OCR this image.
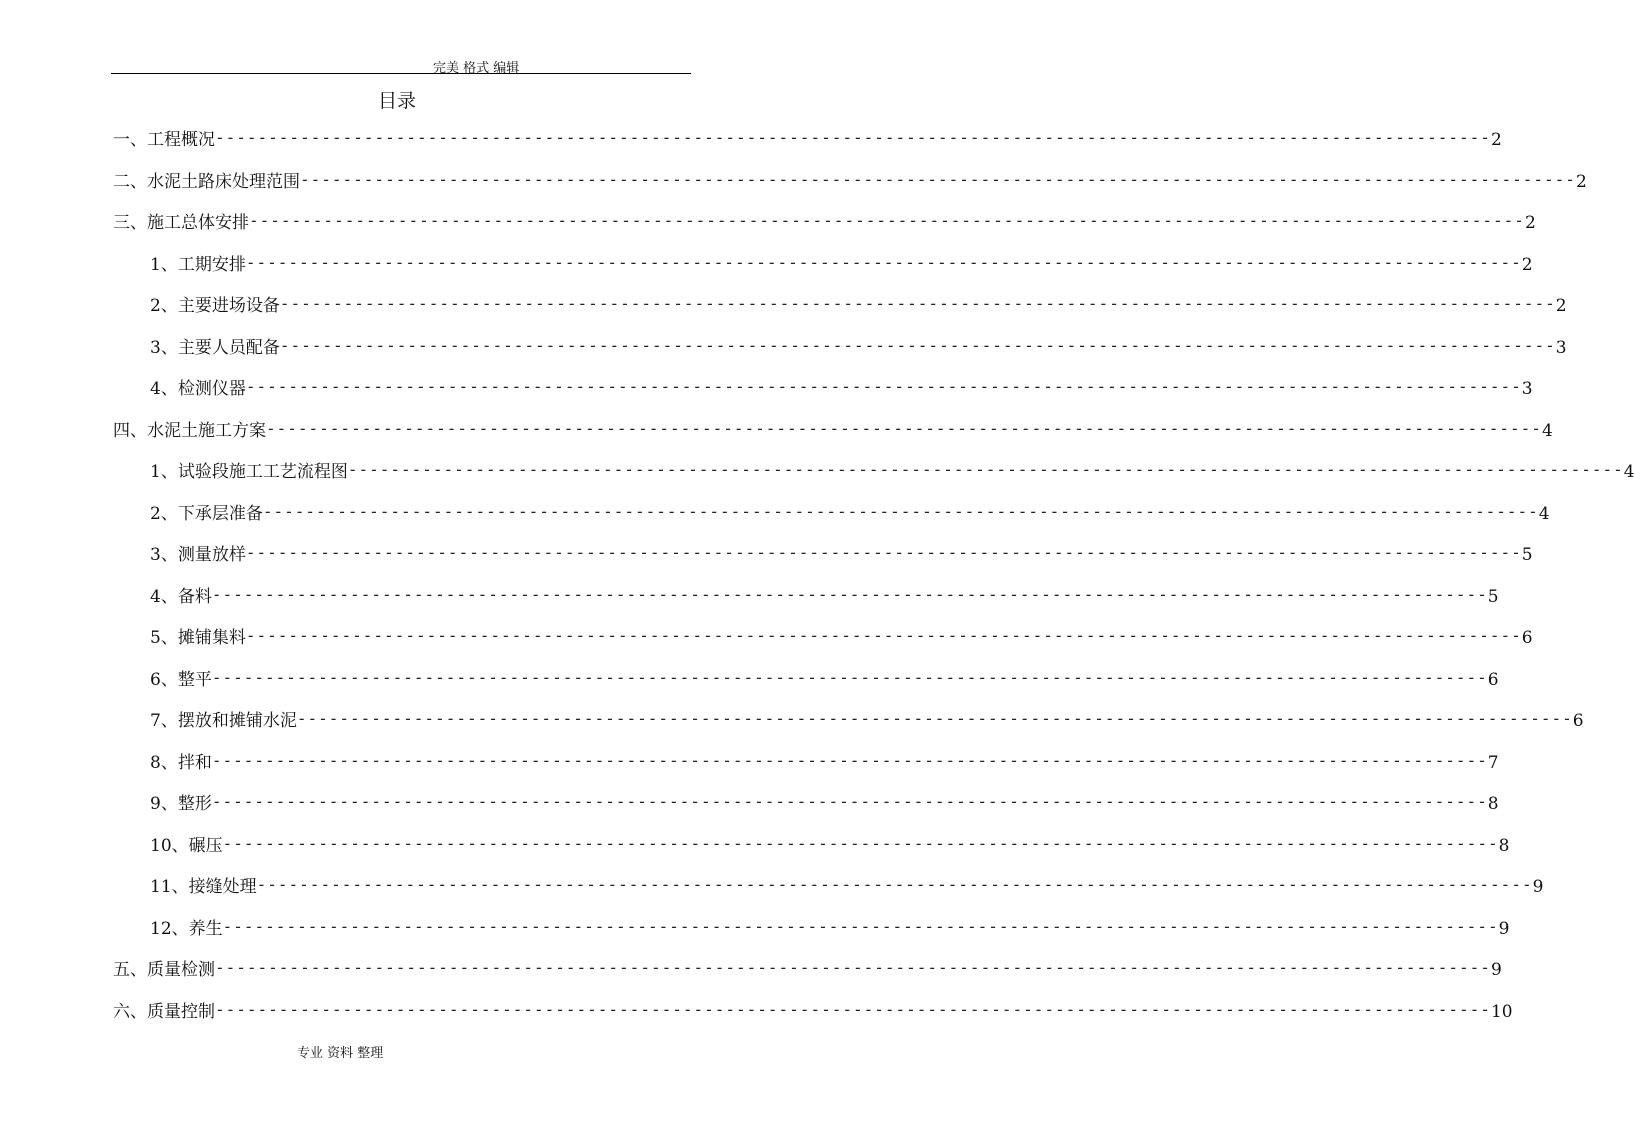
完美 格式 编辑
目录
一、工程概况 ------------------------------------------------------------------------------------------------------------------------ 2
二、水泥土路床处理范围 ------------------------------------------------------------------------------------------------------------------------ 2
三、施工总体安排 ------------------------------------------------------------------------------------------------------------------------ 2
1、工期安排 ------------------------------------------------------------------------------------------------------------------------ 2
2、主要进场设备 ------------------------------------------------------------------------------------------------------------------------ 2
3、主要人员配备 ------------------------------------------------------------------------------------------------------------------------ 3
4、检测仪器 ------------------------------------------------------------------------------------------------------------------------ 3
四、水泥土施工方案 ------------------------------------------------------------------------------------------------------------------------ 4
1、试验段施工工艺流程图 ------------------------------------------------------------------------------------------------------------------------ 4
2、下承层准备 ------------------------------------------------------------------------------------------------------------------------ 4
3、测量放样 ------------------------------------------------------------------------------------------------------------------------ 5
4、备料 ------------------------------------------------------------------------------------------------------------------------ 5
5、摊铺集料 ------------------------------------------------------------------------------------------------------------------------ 6
6、整平 ------------------------------------------------------------------------------------------------------------------------ 6
7、摆放和摊铺水泥 ------------------------------------------------------------------------------------------------------------------------ 6
8、拌和 ------------------------------------------------------------------------------------------------------------------------ 7
9、整形 ------------------------------------------------------------------------------------------------------------------------ 8
10、碾压 ------------------------------------------------------------------------------------------------------------------------ 8
11、接缝处理 ------------------------------------------------------------------------------------------------------------------------ 9
12、养生 ------------------------------------------------------------------------------------------------------------------------ 9
五、质量检测 ------------------------------------------------------------------------------------------------------------------------ 9
六、质量控制 ------------------------------------------------------------------------------------------------------------------------ 10
专业 资料 整理
